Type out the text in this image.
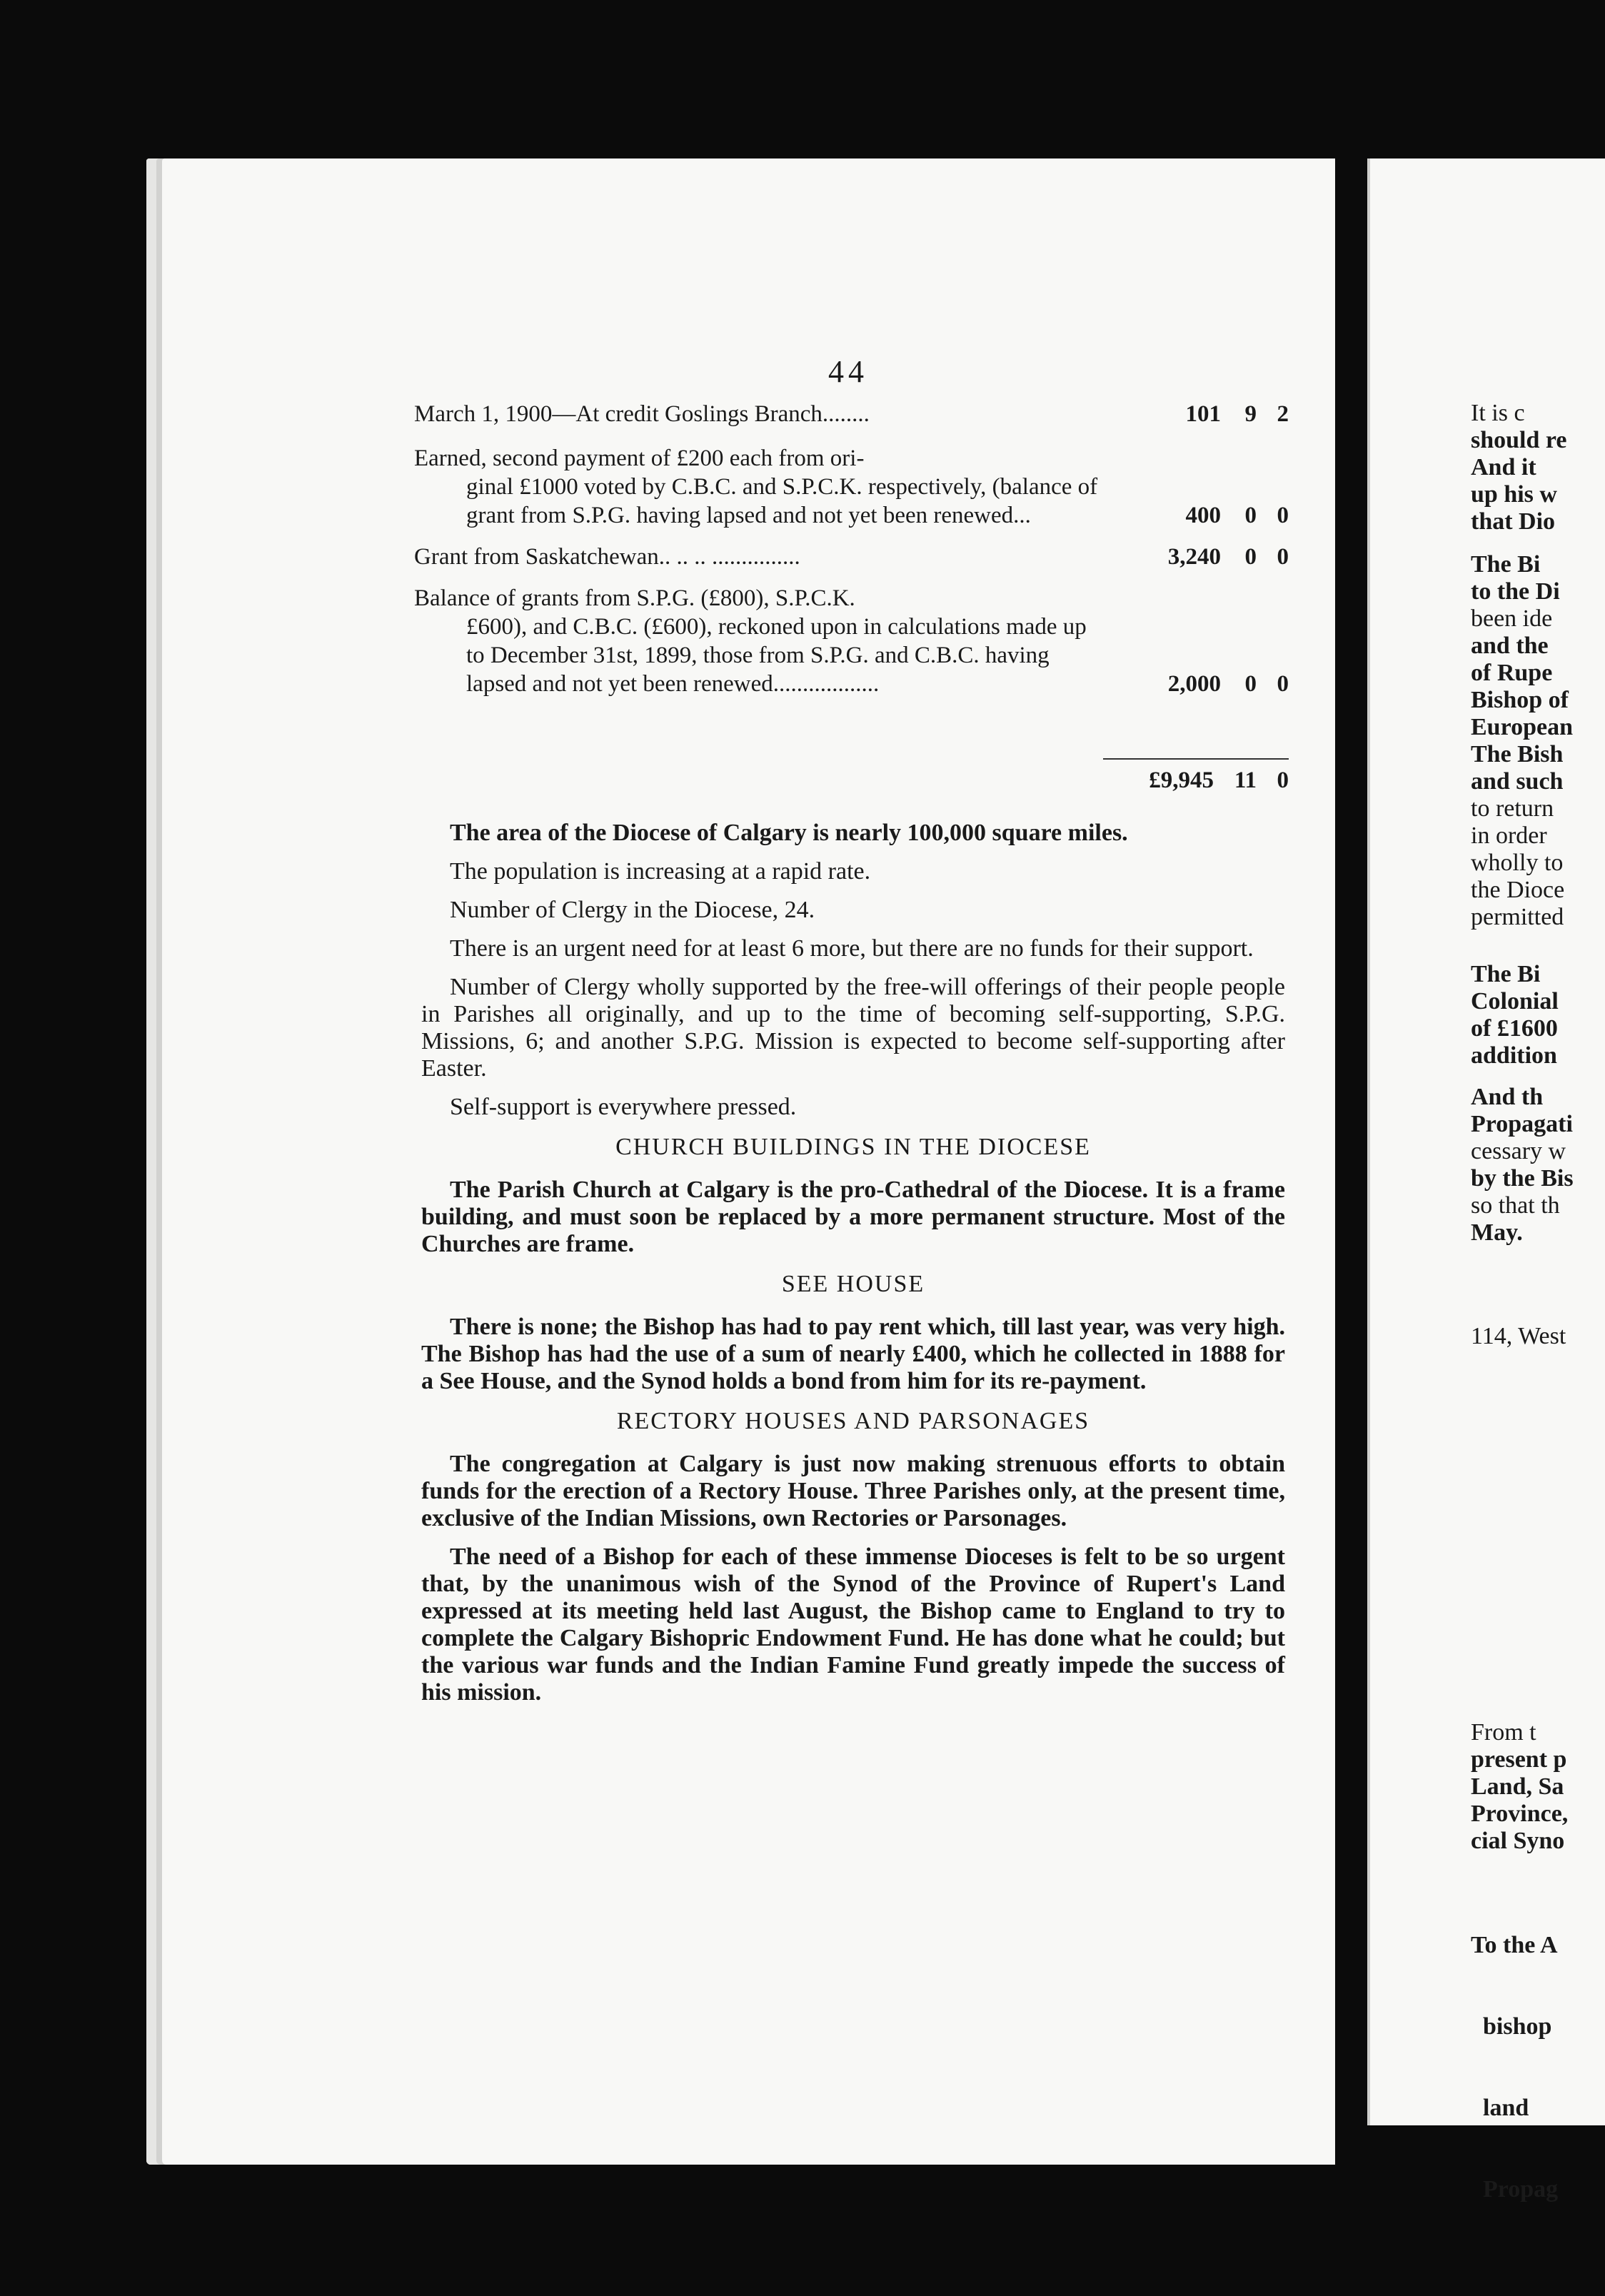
44
March 1, 1900—At credit Goslings Branch........	101	9 2
Earned, second payment of £200 each from ori-
ginal £1000 voted by C.B.C. and S.P.C.K. respectively, (balance of grant from S.P.G. having lapsed and not yet been renewed...	400	0 0
Grant from Saskatchewan.. .. .. ...............	3,240	0 0
Balance of grants from S.P.G. (£800), S.P.C.K.
£600), and C.B.C. (£600), reckoned upon in calculations made up to December 31st, 1899, those from S.P.G. and C.B.C. having lapsed and not yet been renewed..................	2,000	0 0
£9,945 11 0

The area of the Diocese of Calgary is nearly 100,000 square miles.

The population is increasing at a rapid rate.

Number of Clergy in the Diocese, 24.

There is an urgent need for at least 6 more, but there are no funds for their support.

Number of Clergy wholly supported by the free-will offerings of their people people in Parishes all originally, and up to the time of becoming self-supporting, S.P.G. Missions, 6; and another S.P.G. Mission is expected to become self-supporting after Easter.

Self-support is everywhere pressed.

CHURCH BUILDINGS IN THE DIOCESE

The Parish Church at Calgary is the pro-Cathedral of the Diocese. It is a frame building, and must soon be replaced by a more permanent structure. Most of the Churches are frame.

SEE HOUSE

There is none; the Bishop has had to pay rent which, till last year, was very high. The Bishop has had the use of a sum of nearly £400, which he collected in 1888 for a See House, and the Synod holds a bond from him for its re-payment.

RECTORY HOUSES AND PARSONAGES

The congregation at Calgary is just now making strenuous efforts to obtain funds for the erection of a Rectory House. Three Parishes only, at the present time, exclusive of the Indian Missions, own Rectories or Parsonages.

The need of a Bishop for each of these immense Dioceses is felt to be so urgent that, by the unanimous wish of the Synod of the Province of Rupert's Land expressed at its meeting held last August, the Bishop came to England to try to complete the Calgary Bishopric Endowment Fund. He has done what he could; but the various war funds and the Indian Famine Fund greatly impede the success of his mission.

It is c
should re
And it
up his w
that Dio
The Bi
to the Di
been ide
and the
of Rupe
Bishop of
European
The Bish
and such
to return
in order
wholly to
the Dioce
permitted
The Bi
Colonial
of £1600
addition
And th
Propagati
cessary w
by the Bis
so that th
May.
114, West
From t
present p
Land, Sa
Province,
cial Syno

To the A

bishop

land

Propag
